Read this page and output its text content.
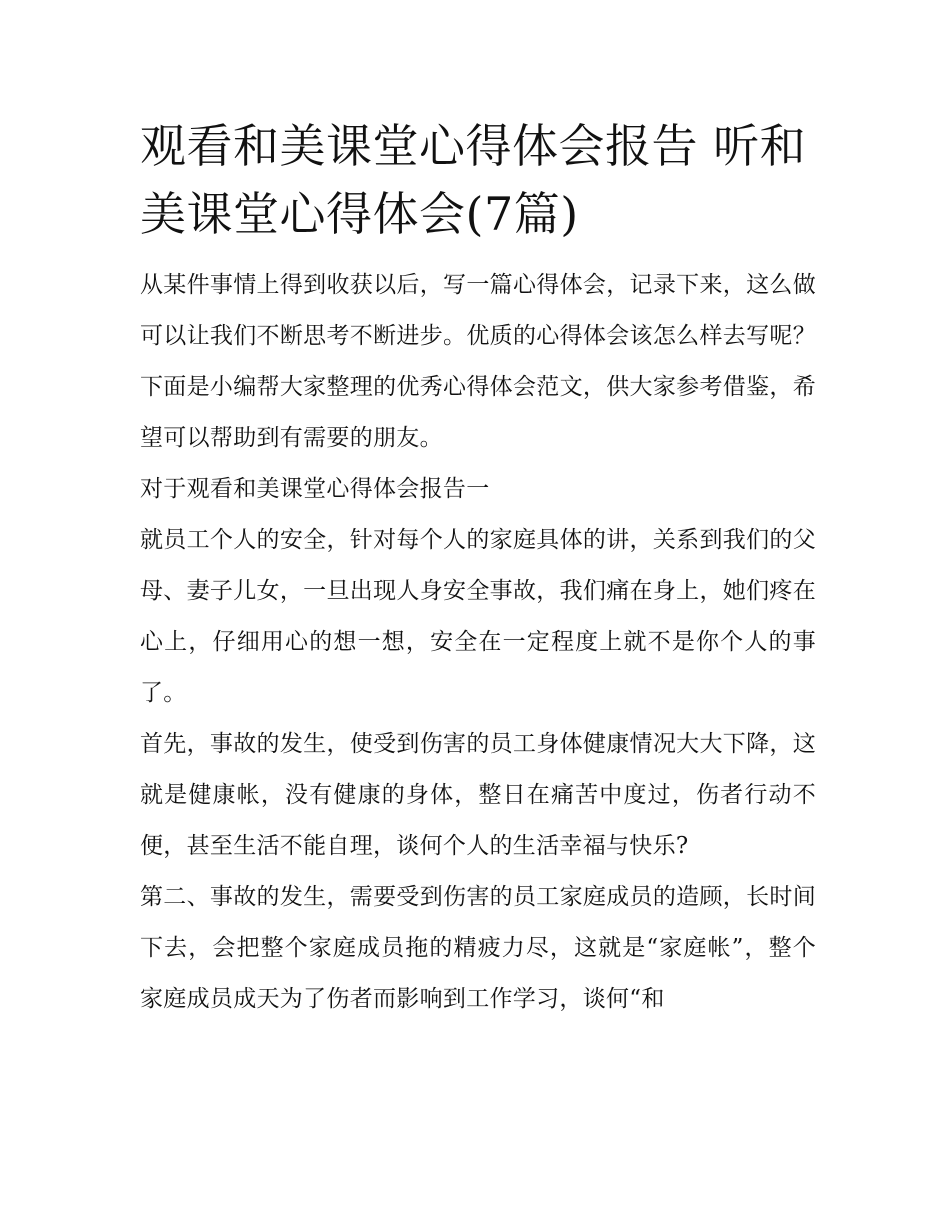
观看和美课堂心得体会报告 听和美课堂心得体会(7篇)

从某件事情上得到收获以后，写一篇心得体会，记录下来，这么做可以让我们不断思考不断进步。优质的心得体会该怎么样去写呢？下面是小编帮大家整理的优秀心得体会范文，供大家参考借鉴，希望可以帮助到有需要的朋友。

对于观看和美课堂心得体会报告一

就员工个人的安全，针对每个人的家庭具体的讲，关系到我们的父母、妻子儿女，一旦出现人身安全事故，我们痛在身上，她们疼在心上，仔细用心的想一想，安全在一定程度上就不是你个人的事了。

首先，事故的发生，使受到伤害的员工身体健康情况大大下降，这就是健康帐，没有健康的身体，整日在痛苦中度过，伤者行动不便，甚至生活不能自理，谈何个人的生活幸福与快乐?

第二、事故的发生，需要受到伤害的员工家庭成员的造顾，长时间下去，会把整个家庭成员拖的精疲力尽，这就是“家庭帐”，整个家庭成员成天为了伤者而影响到工作学习，谈何“和
